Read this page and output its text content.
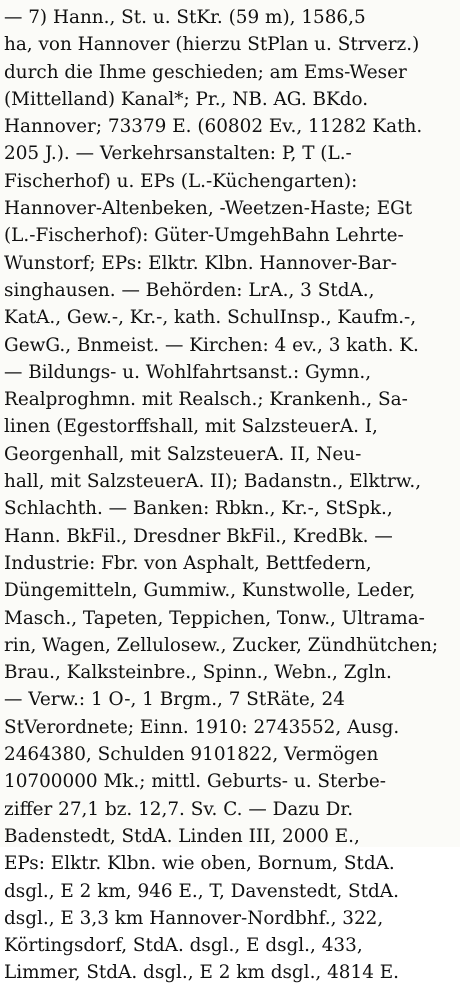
— 7) Hann., St. u. StKr. (59 m), 1586,5
ha, von Hannover (hierzu StPlan u. Strverz.)
durch die Ihme geschieden; am Ems-Weser
(Mittelland) Kanal*; Pr., NB. AG. BKdo.
Hannover; 73379 E. (60802 Ev., 11282 Kath.
205 J.). — Verkehrsanstalten: P, T (L.-
Fischerhof) u. EPs (L.-Küchengarten):
Hannover-Altenbeken, -Weetzen-Haste; EGt
(L.-Fischerhof): Güter-UmgehBahn Lehrte-
Wunstorf; EPs: Elktr. Klbn. Hannover-Bar-
singhausen. — Behörden: LrA., 3 StdA.,
KatA., Gew.-, Kr.-, kath. SchulInsp., Kaufm.-,
GewG., Bnmeist. — Kirchen: 4 ev., 3 kath. K.
— Bildungs- u. Wohlfahrtsanst.: Gymn.,
Realproghmn. mit Realsch.; Krankenh., Sa-
linen (Egestorffshall, mit SalzsteuerA. I,
Georgenhall, mit SalzsteuerA. II, Neu-
hall, mit SalzsteuerA. II); Badanstn., Elktrw.,
Schlachth. — Banken: Rbkn., Kr.-, StSpk.,
Hann. BkFil., Dresdner BkFil., KredBk. —
Industrie: Fbr. von Asphalt, Bettfedern,
Düngemitteln, Gummiw., Kunstwolle, Leder,
Masch., Tapeten, Teppichen, Tonw., Ultrama-
rin, Wagen, Zellulosew., Zucker, Zündhütchen;
Brau., Kalksteinbre., Spinn., Webn., Zgln.
— Verw.: 1 O-, 1 Brgm., 7 StRäte, 24
StVerordnete; Einn. 1910: 2743552, Ausg.
2464380, Schulden 9101822, Vermögen
10700000 Mk.; mittl. Geburts- u. Sterbe-
ziffer 27,1 bz. 12,7. Sv. C. — Dazu Dr.
Badenstedt, StdA. Linden III, 2000 E.,
EPs: Elktr. Klbn. wie oben, Bornum, StdA.
dsgl., E 2 km, 946 E., T, Davenstedt, StdA.
dsgl., E 3,3 km Hannover-Nordbhf., 322,
Körtingsdorf, StdA. dsgl., E dsgl., 433,
Limmer, StdA. dsgl., E 2 km dsgl., 4814 E.
